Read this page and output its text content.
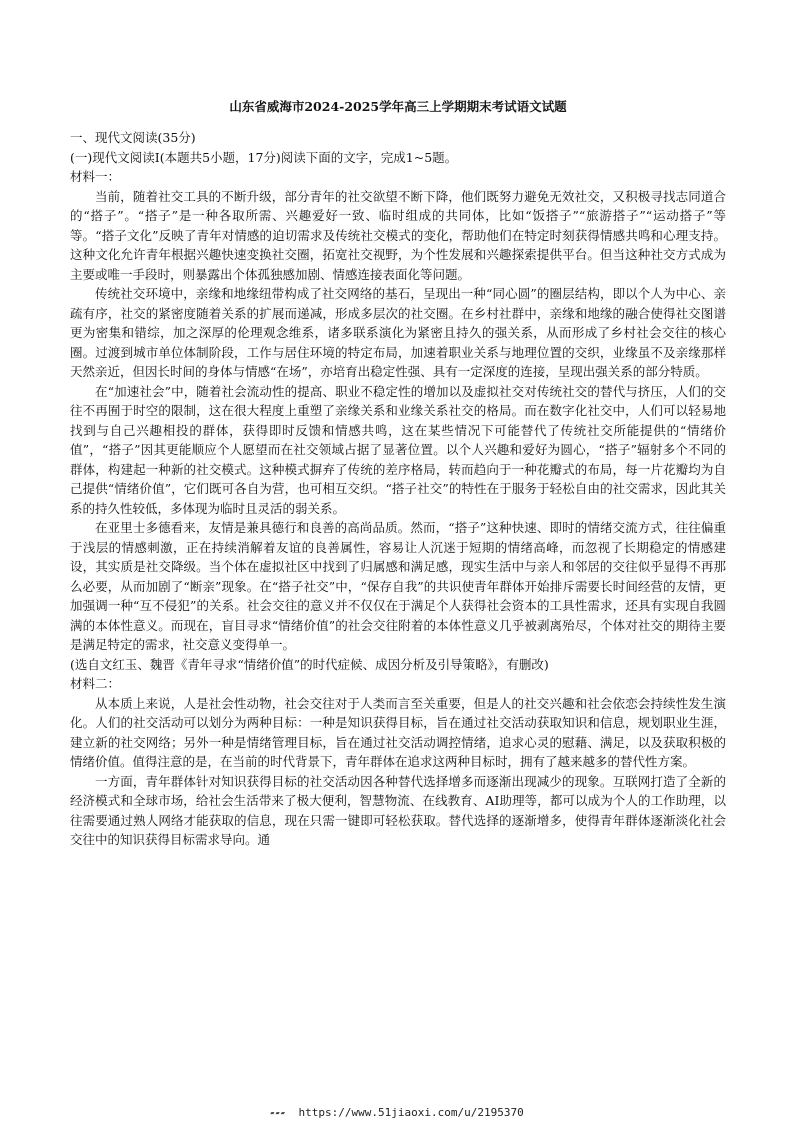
山东省威海市2024-2025学年高三上学期期末考试语文试题

一、现代文阅读(35分)

(一)现代文阅读Ⅰ(本题共5小题，17分)阅读下面的文字，完成1~5题。

材料一：

当前，随着社交工具的不断升级，部分青年的社交欲望不断下降，他们既努力避免无效社交，又积极寻找志同道合的“搭子”。“搭子”是一种各取所需、兴趣爱好一致、临时组成的共同体，比如“饭搭子”“旅游搭子”“运动搭子”等等。“搭子文化”反映了青年对情感的迫切需求及传统社交模式的变化，帮助他们在特定时刻获得情感共鸣和心理支持。这种文化允许青年根据兴趣快速变换社交圈，拓宽社交视野，为个性发展和兴趣探索提供平台。但当这种社交方式成为主要或唯一手段时，则暴露出个体孤独感加剧、情感连接表面化等问题。

传统社交环境中，亲缘和地缘纽带构成了社交网络的基石，呈现出一种“同心圆”的圈层结构，即以个人为中心、亲疏有序，社交的紧密度随着关系的扩展而递减，形成多层次的社交圈。在乡村社群中，亲缘和地缘的融合使得社交图谱更为密集和错综，加之深厚的伦理观念维系，诸多联系演化为紧密且持久的强关系，从而形成了乡村社会交往的核心圈。过渡到城市单位体制阶段，工作与居住环境的特定布局，加速着职业关系与地理位置的交织，业缘虽不及亲缘那样天然亲近，但因长时间的身体与情感“在场”，亦培育出稳定性强、具有一定深度的连接，呈现出强关系的部分特质。

在“加速社会”中，随着社会流动性的提高、职业不稳定性的增加以及虚拟社交对传统社交的替代与挤压，人们的交往不再囿于时空的限制，这在很大程度上重塑了亲缘关系和业缘关系社交的格局。而在数字化社交中，人们可以轻易地找到与自己兴趣相投的群体，获得即时反馈和情感共鸣，这在某些情况下可能替代了传统社交所能提供的“情绪价值”，“搭子”因其更能顺应个人愿望而在社交领域占据了显著位置。以个人兴趣和爱好为圆心，“搭子”辐射多个不同的群体，构建起一种新的社交模式。这种模式摒弃了传统的差序格局，转而趋向于一种花瓣式的布局，每一片花瓣均为自己提供“情绪价值”，它们既可各自为营，也可相互交织。“搭子社交”的特性在于服务于轻松自由的社交需求，因此其关系的持久性较低，多体现为临时且灵活的弱关系。

在亚里士多德看来，友情是兼具德行和良善的高尚品质。然而，“搭子”这种快速、即时的情绪交流方式，往往偏重于浅层的情感刺激，正在持续消解着友谊的良善属性，容易让人沉迷于短期的情绪高峰，而忽视了长期稳定的情感建设，其实质是社交降级。当个体在虚拟社区中找到了归属感和满足感，现实生活中与亲人和邻居的交往似乎显得不再那么必要，从而加剧了“断亲”现象。在“搭子社交”中，“保存自我”的共识使青年群体开始排斥需要长时间经营的友情，更加强调一种“互不侵犯”的关系。社会交往的意义并不仅仅在于满足个人获得社会资本的工具性需求，还具有实现自我圆满的本体性意义。而现在，盲目寻求“情绪价值”的社会交往附着的本体性意义几乎被剥离殆尽，个体对社交的期待主要是满足特定的需求，社交意义变得单一。

(选自文红玉、魏晋《青年寻求“情绪价值”的时代症候、成因分析及引导策略》，有删改)

材料二：

从本质上来说，人是社会性动物，社会交往对于人类而言至关重要，但是人的社交兴趣和社会依恋会持续性发生演化。人们的社交活动可以划分为两种目标：一种是知识获得目标，旨在通过社交活动获取知识和信息，规划职业生涯，建立新的社交网络；另外一种是情绪管理目标，旨在通过社交活动调控情绪，追求心灵的慰藉、满足，以及获取积极的情绪价值。值得注意的是，在当前的时代背景下，青年群体在追求这两种目标时，拥有了越来越多的替代性方案。

一方面，青年群体针对知识获得目标的社交活动因各种替代选择增多而逐渐出现减少的现象。互联网打造了全新的经济模式和全球市场，给社会生活带来了极大便利，智慧物流、在线教育、AI助理等，都可以成为个人的工作助理，以往需要通过熟人网络才能获取的信息，现在只需一键即可轻松获取。替代选择的逐渐增多，使得青年群体逐渐淡化社会交往中的知识获得目标需求导向。通

▰▰▰ https://www.51jiaoxi.com/u/2195370
